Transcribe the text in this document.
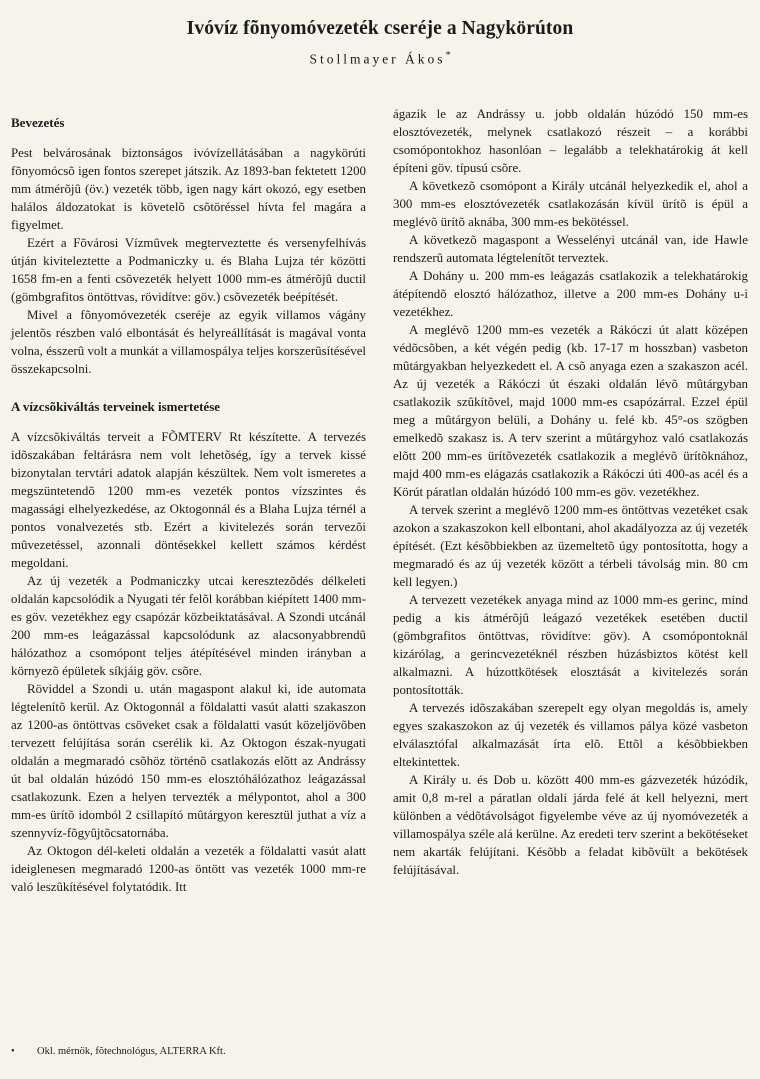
Ivóvíz fõnyomóvezeték cseréje a Nagykörúton

Stollmayer Ákos*

Bevezetés

Pest belvárosának biztonságos ivóvízellátásában a nagykörúti fõnyomócsõ igen fontos szerepet játszik. Az 1893-ban fektetett 1200 mm átmérõjû (öv.) vezeték több, igen nagy kárt okozó, egy esetben halálos áldozatokat is követelõ csõtöréssel hívta fel magára a figyelmet.

Ezért a Fõvárosi Vízmûvek megterveztette és versenyfelhívás útján kiviteleztette a Podmaniczky u. és Blaha Lujza tér közötti 1658 fm-en a fenti csõvezeték helyett 1000 mm-es átmérõjû ductil (gömbgrafitos öntöttvas, rövidítve: göv.) csõvezeték beépítését.

Mivel a fõnyomóvezeték cseréje az egyik villamos vágány jelentõs részben való elbontását és helyreállítását is magával vonta volna, ésszerû volt a munkát a villamospálya teljes korszerûsítésével összekapcsolni.

A vízcsõkiváltás terveinek ismertetése

A vízcsõkiváltás terveit a FÕMTERV Rt készítette. A tervezés idõszakában feltárásra nem volt lehetõség, így a tervek kissé bizonytalan tervtári adatok alapján készültek. Nem volt ismeretes a megszüntetendõ 1200 mm-es vezeték pontos vízszintes és magassági elhelyezkedése, az Oktogonnál és a Blaha Lujza térnél a pontos vonalvezetés stb. Ezért a kivitelezés során tervezõi mûvezetéssel, azonnali döntésekkel kellett számos kérdést megoldani.

Az új vezeték a Podmaniczky utcai keresztezõdés délkeleti oldalán kapcsolódik a Nyugati tér felõl korábban kiépített 1400 mm-es göv. vezetékhez egy csapózár közbeiktatásával. A Szondi utcánál 200 mm-es leágazással kapcsolódunk az alacsonyabbrendû hálózathoz a csomópont teljes átépítésével minden irányban a környezõ épületek síkjáig göv. csõre.

Röviddel a Szondi u. után magaspont alakul ki, ide automata légtelenítõ kerül. Az Oktogonnál a földalatti vasút alatti szakaszon az 1200-as öntöttvas csöveket csak a földalatti vasút közeljövõben tervezett felújítása során cserélik ki. Az Oktogon észak-nyugati oldalán a megmaradó csõhöz történõ csatlakozás elõtt az Andrássy út bal oldalán húzódó 150 mm-es elosztóhálózathoz leágazással csatlakozunk. Ezen a helyen tervezték a mélypontot, ahol a 300 mm-es ürítõ idomból 2 csillapító mûtárgyon keresztül juthat a víz a szennyvíz-fõgyûjtõcsatornába.

Az Oktogon dél-keleti oldalán a vezeték a földalatti vasút alatt ideiglenesen megmaradó 1200-as öntött vas vezeték 1000 mm-re való leszûkítésével folytatódik. Itt

ágazik le az Andrássy u. jobb oldalán húzódó 150 mm-es elosztóvezeték, melynek csatlakozó részeit – a korábbi csomópontokhoz hasonlóan – legalább a telekhatárokig át kell építeni göv. típusú csõre.

A következõ csomópont a Király utcánál helyezkedik el, ahol a 300 mm-es elosztóvezeték csatlakozásán kívül ürítõ is épül a meglévõ ürítõ aknába, 300 mm-es bekötéssel.

A következõ magaspont a Wesselényi utcánál van, ide Hawle rendszerû automata légtelenítõt terveztek.

A Dohány u. 200 mm-es leágazás csatlakozik a telekhatárokig átépítendõ elosztó hálózathoz, illetve a 200 mm-es Dohány u-i vezetékhez.

A meglévõ 1200 mm-es vezeték a Rákóczi út alatt középen védõcsõben, a két végén pedig (kb. 17-17 m hosszban) vasbeton mûtárgyakban helyezkedett el. A csõ anyaga ezen a szakaszon acél. Az új vezeték a Rákóczi út északi oldalán lévõ mûtárgyban csatlakozik szûkítõvel, majd 1000 mm-es csapózárral. Ezzel épül meg a mûtárgyon belüli, a Dohány u. felé kb. 45°-os szögben emelkedõ szakasz is. A terv szerint a mûtárgyhoz való csatlakozás elõtt 200 mm-es ürítõvezeték csatlakozik a meglévõ ürítõknához, majd 400 mm-es elágazás csatlakozik a Rákóczi úti 400-as acél és a Körút páratlan oldalán húzódó 100 mm-es göv. vezetékhez.

A tervek szerint a meglévõ 1200 mm-es öntöttvas vezetéket csak azokon a szakaszokon kell elbontani, ahol akadályozza az új vezeték építését. (Ezt késõbbiekben az üzemeltetõ úgy pontosította, hogy a megmaradó és az új vezeték között a térbeli távolság min. 80 cm kell legyen.)

A tervezett vezetékek anyaga mind az 1000 mm-es gerinc, mind pedig a kis átmérõjû leágazó vezetékek esetében ductil (gömbgrafitos öntöttvas, rövidítve: göv). A csomópontoknál kizárólag, a gerincvezetéknél részben húzásbiztos kötést kell alkalmazni. A húzottkötések elosztását a kivitelezés során pontosították.

A tervezés idõszakában szerepelt egy olyan megoldás is, amely egyes szakaszokon az új vezeték és villamos pálya közé vasbeton elválasztófal alkalmazását írta elõ. Ettõl a késõbbiekben eltekintettek.

A Király u. és Dob u. között 400 mm-es gázvezeték húzódik, amit 0,8 m-rel a páratlan oldali járda felé át kell helyezni, mert különben a védõtávolságot figyelembe véve az új nyomóvezeték a villamospálya széle alá kerülne. Az eredeti terv szerint a bekötéseket nem akarták felújítani. Késõbb a feladat kibõvült a bekötések felújításával.

• Okl. mérnök, fõtechnológus, ALTERRA Kft.
